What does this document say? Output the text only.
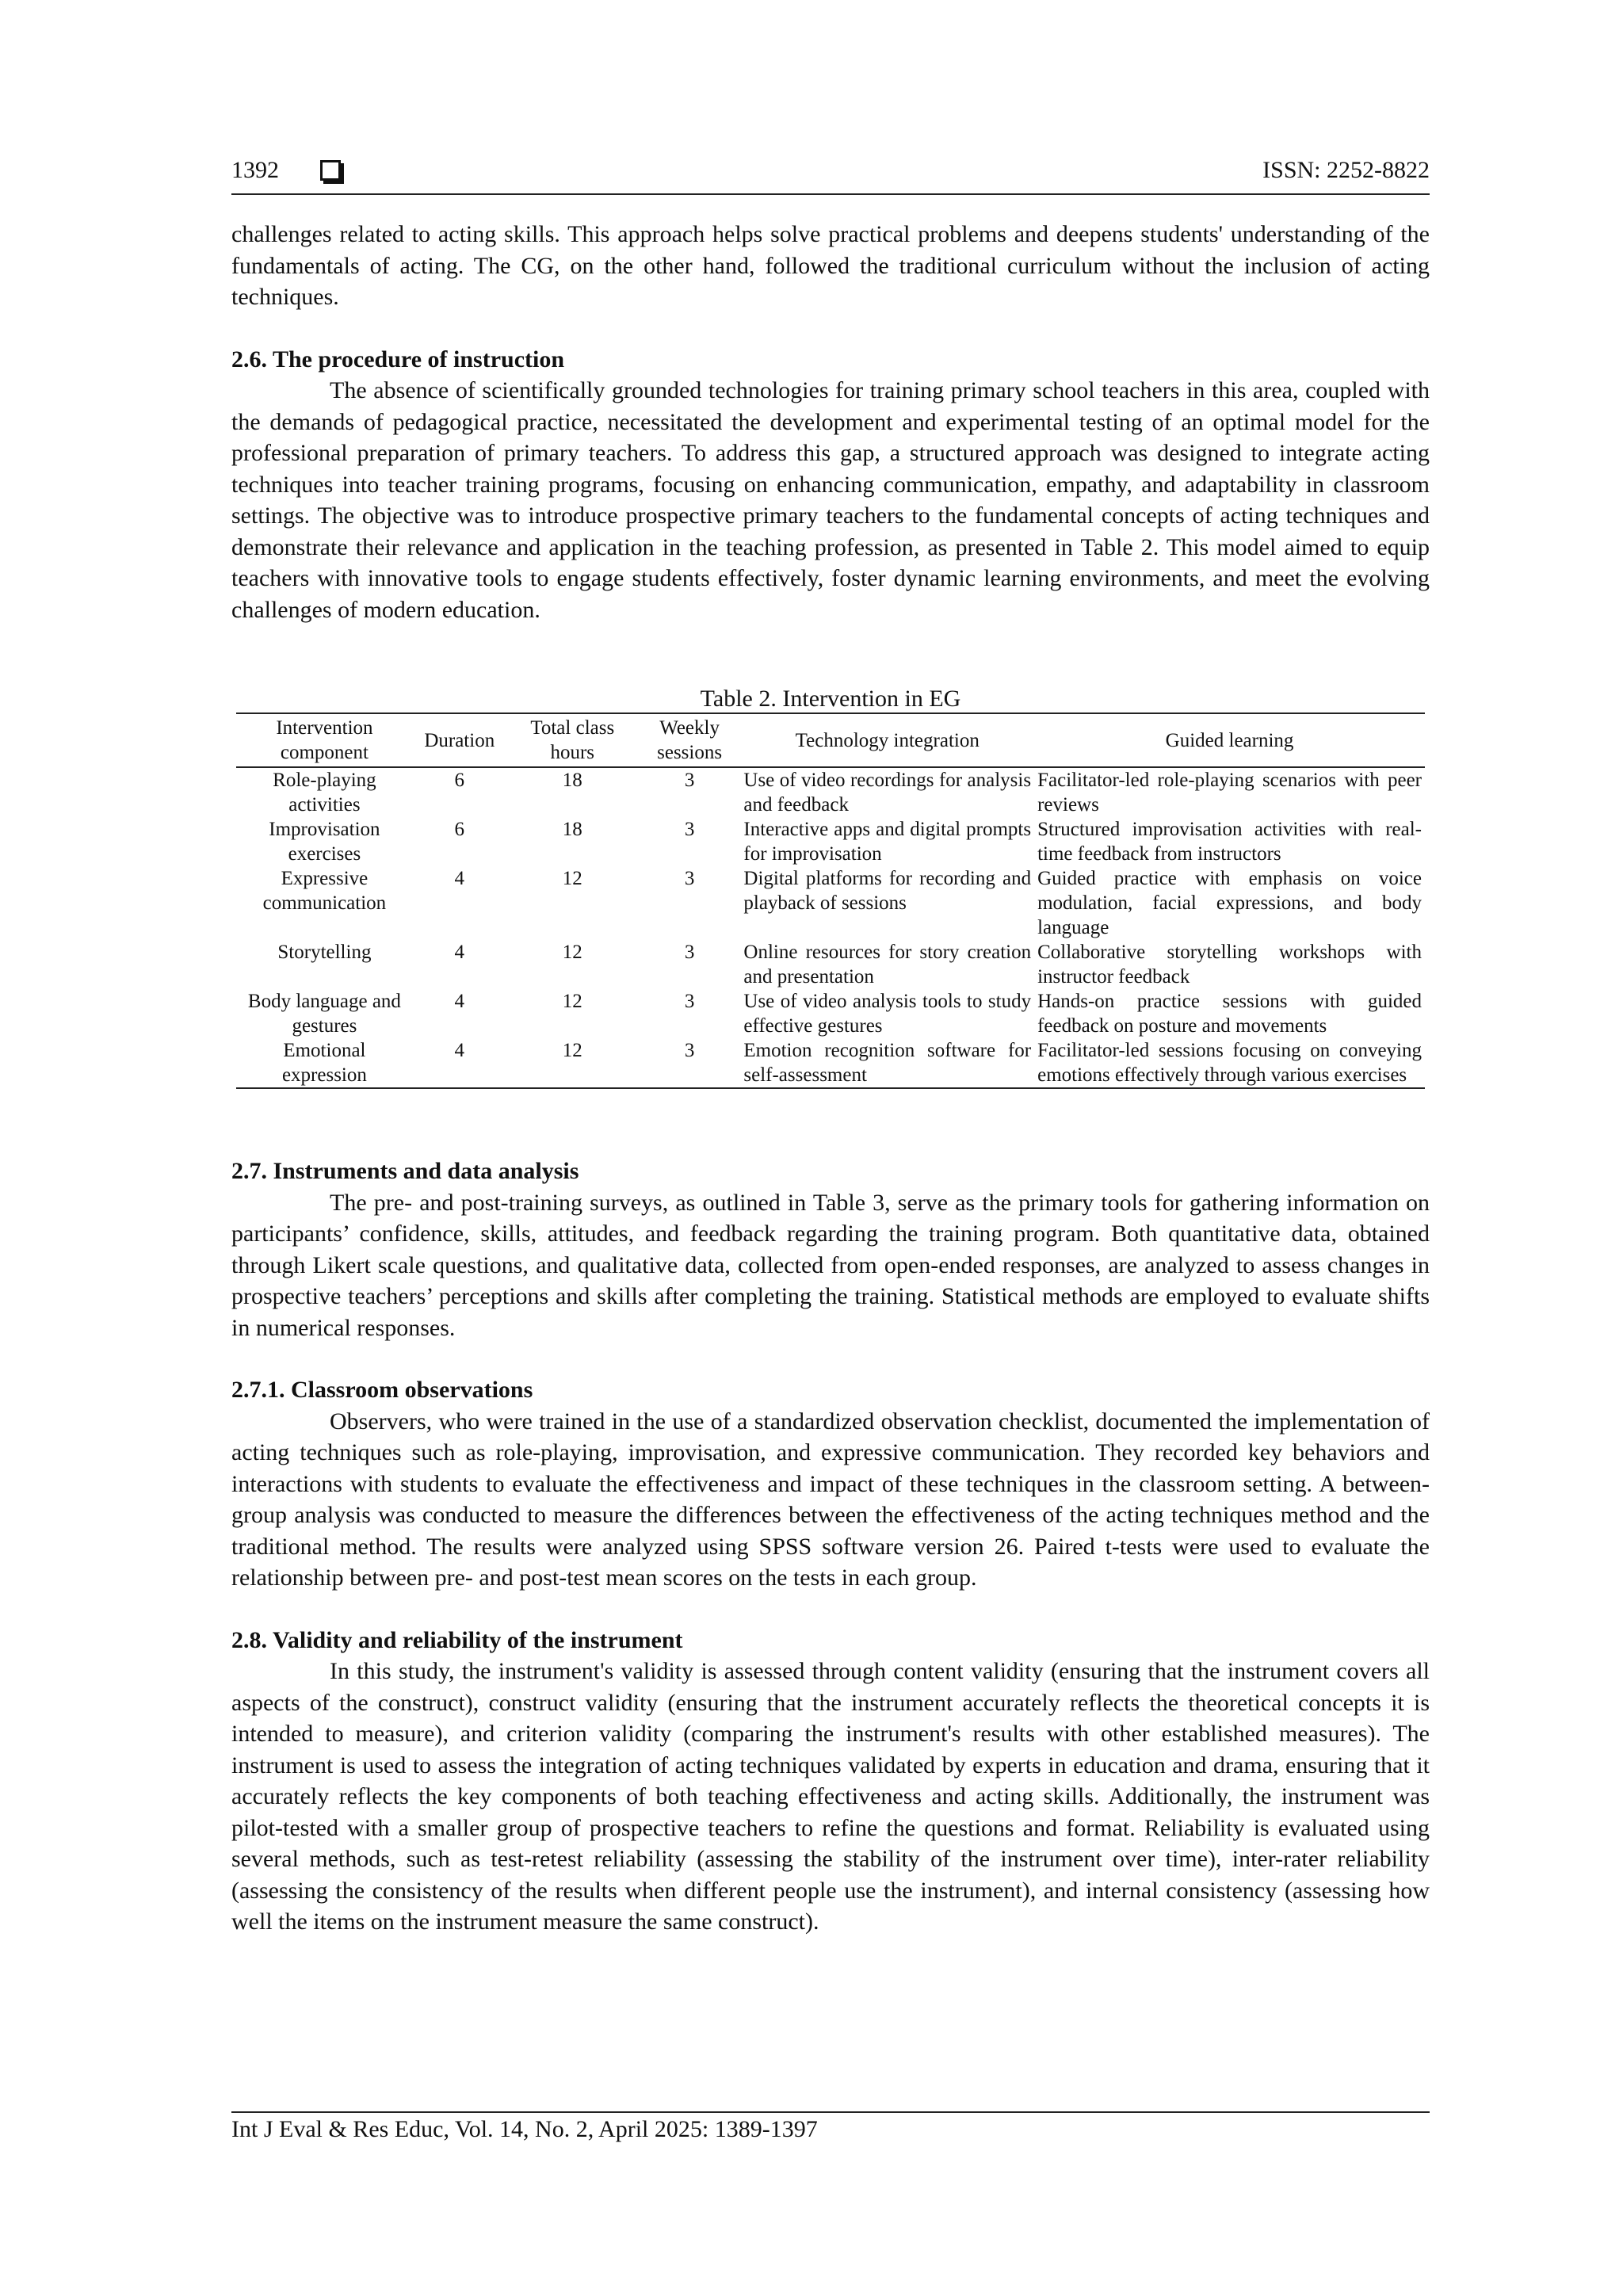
1392	ISSN: 2252-8822

challenges related to acting skills. This approach helps solve practical problems and deepens students' understanding of the fundamentals of acting. The CG, on the other hand, followed the traditional curriculum without the inclusion of acting techniques.

2.6. The procedure of instruction

The absence of scientifically grounded technologies for training primary school teachers in this area, coupled with the demands of pedagogical practice, necessitated the development and experimental testing of an optimal model for the professional preparation of primary teachers. To address this gap, a structured approach was designed to integrate acting techniques into teacher training programs, focusing on enhancing communication, empathy, and adaptability in classroom settings. The objective was to introduce prospective primary teachers to the fundamental concepts of acting techniques and demonstrate their relevance and application in the teaching profession, as presented in Table 2. This model aimed to equip teachers with innovative tools to engage students effectively, foster dynamic learning environments, and meet the evolving challenges of modern education.

Table 2. Intervention in EG
Intervention component	Duration	Total class hours	Weekly sessions	Technology integration	Guided learning
Role-playing activities	6	18	3	Use of video recordings for analysis and feedback	Facilitator-led role-playing scenarios with peer reviews
Improvisation exercises	6	18	3	Interactive apps and digital prompts for improvisation	Structured improvisation activities with real-time feedback from instructors
Expressive communication	4	12	3	Digital platforms for recording and playback of sessions	Guided practice with emphasis on voice modulation, facial expressions, and body language
Storytelling	4	12	3	Online resources for story creation and presentation	Collaborative storytelling workshops with instructor feedback
Body language and gestures	4	12	3	Use of video analysis tools to study effective gestures	Hands-on practice sessions with guided feedback on posture and movements
Emotional expression	4	12	3	Emotion recognition software for self-assessment	Facilitator-led sessions focusing on conveying emotions effectively through various exercises
2.7. Instruments and data analysis

The pre- and post-training surveys, as outlined in Table 3, serve as the primary tools for gathering information on participants’ confidence, skills, attitudes, and feedback regarding the training program. Both quantitative data, obtained through Likert scale questions, and qualitative data, collected from open-ended responses, are analyzed to assess changes in prospective teachers’ perceptions and skills after completing the training. Statistical methods are employed to evaluate shifts in numerical responses.

2.7.1. Classroom observations

Observers, who were trained in the use of a standardized observation checklist, documented the implementation of acting techniques such as role-playing, improvisation, and expressive communication. They recorded key behaviors and interactions with students to evaluate the effectiveness and impact of these techniques in the classroom setting. A between-group analysis was conducted to measure the differences between the effectiveness of the acting techniques method and the traditional method. The results were analyzed using SPSS software version 26. Paired t-tests were used to evaluate the relationship between pre- and post-test mean scores on the tests in each group.

2.8. Validity and reliability of the instrument

In this study, the instrument's validity is assessed through content validity (ensuring that the instrument covers all aspects of the construct), construct validity (ensuring that the instrument accurately reflects the theoretical concepts it is intended to measure), and criterion validity (comparing the instrument's results with other established measures). The instrument is used to assess the integration of acting techniques validated by experts in education and drama, ensuring that it accurately reflects the key components of both teaching effectiveness and acting skills. Additionally, the instrument was pilot-tested with a smaller group of prospective teachers to refine the questions and format. Reliability is evaluated using several methods, such as test-retest reliability (assessing the stability of the instrument over time), inter-rater reliability (assessing the consistency of the results when different people use the instrument), and internal consistency (assessing how well the items on the instrument measure the same construct).

Int J Eval & Res Educ, Vol. 14, No. 2, April 2025: 1389-1397
